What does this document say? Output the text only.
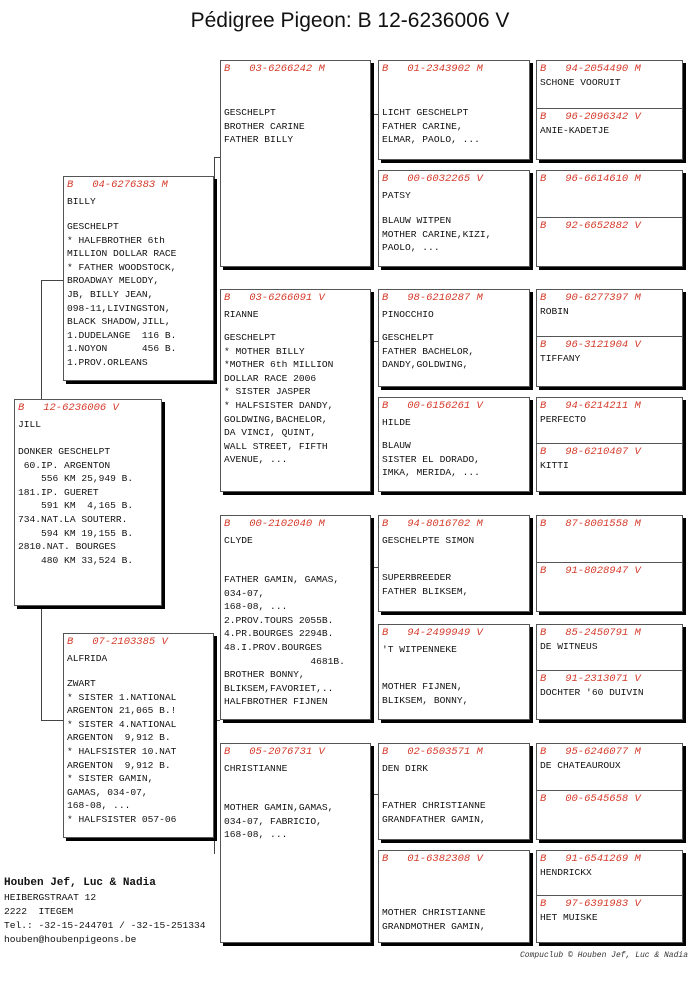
Pédigree Pigeon: B 12-6236006 V
B   12-6236006 V
JILL
DONKER GESCHELPT
60.IP. ARGENTON
556 KM 25,949 B.
181.IP. GUERET
591 KM  4,165 B.
734.NAT.LA SOUTERR.
594 KM 19,155 B.
2810.NAT. BOURGES
480 KM 33,524 B.
B   04-6276383 M
BILLY
GESCHELPT
* HALFBROTHER 6th
MILLION DOLLAR RACE
* FATHER WOODSTOCK,
BROADWAY MELODY,
JB, BILLY JEAN,
098-11,LIVINGSTON,
BLACK SHADOW,JILL,
1.DUDELANGE  116 B.
1.NOYON      456 B.
1.PROV.ORLEANS
B   07-2103385 V
ALFRIDA
ZWART
* SISTER 1.NATIONAL
ARGENTON 21,065 B.!
* SISTER 4.NATIONAL
ARGENTON  9,912 B.
* HALFSISTER 10.NAT
ARGENTON  9,912 B.
* SISTER GAMIN,
GAMAS, 034-07,
168-08, ...
* HALFSISTER 057-06
B   03-6266242 M
GESCHELPT
BROTHER CARINE
FATHER BILLY
B   03-6266091 V
RIANNE
GESCHELPT
* MOTHER BILLY
*MOTHER 6th MILLION
DOLLAR RACE 2006
* SISTER JASPER
* HALFSISTER DANDY,
GOLDWING,BACHELOR,
DA VINCI, QUINT,
WALL STREET, FIFTH
AVENUE, ...
B   00-2102040 M
CLYDE
FATHER GAMIN, GAMAS,
034-07,
168-08, ...
2.PROV.TOURS 2055B.
4.PR.BOURGES 2294B.
48.I.PROV.BOURGES
4681B.
BROTHER BONNY,
BLIKSEM,FAVORIET,..
HALFBROTHER FIJNEN
B   05-2076731 V
CHRISTIANNE
MOTHER GAMIN,GAMAS,
034-07, FABRICIO,
168-08, ...
B   01-2343902 M
LICHT GESCHELPT
FATHER CARINE,
ELMAR, PAOLO, ...
B   00-6032265 V
PATSY
BLAUW WITPEN
MOTHER CARINE,KIZI,
PAOLO, ...
B   98-6210287 M
PINOCCHIO
GESCHELPT
FATHER BACHELOR,
DANDY,GOLDWING,
B   00-6156261 V
HILDE
BLAUW
SISTER EL DORADO,
IMKA, MERIDA, ...
B   94-8016702 M
GESCHELPTE SIMON
SUPERBREEDER
FATHER BLIKSEM,
B   94-2499949 V
'T WITPENNEKE
MOTHER FIJNEN,
BLIKSEM, BONNY,
B   02-6503571 M
DEN DIRK
FATHER CHRISTIANNE
GRANDFATHER GAMIN,
B   01-6382308 V
MOTHER CHRISTIANNE
GRANDMOTHER GAMIN,
B   94-2054490 M
SCHONE VOORUIT
B   96-2096342 V
ANIE-KADETJE
B   96-6614610 M
B   92-6652882 V
B   90-6277397 M
ROBIN
B   96-3121904 V
TIFFANY
B   94-6214211 M
PERFECTO
B   98-6210407 V
KITTI
B   87-8001558 M
B   91-8028947 V
B   85-2450791 M
DE WITNEUS
B   91-2313071 V
DOCHTER '60 DUIVIN
B   95-6246077 M
DE CHATEAUROUX
B   00-6545658 V
B   91-6541269 M
HENDRICKX
B   97-6391983 V
HET MUISKE
Houben Jef, Luc & Nadia
HEIBERGSTRAAT 12
2222  ITEGEM
Tel.: -32-15-244701 / -32-15-251334
houben@houbenpigeons.be
Compuclub © Houben Jef, Luc & Nadia
